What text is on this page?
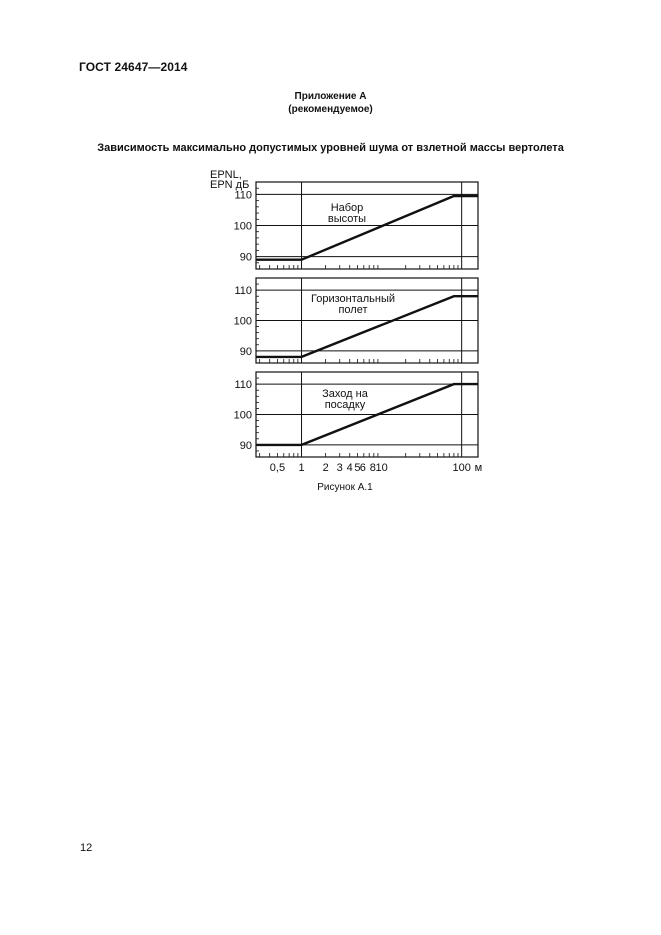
ГОСТ 24647—2014
Приложение А
(рекомендуемое)
Зависимость максимально допустимых уровней шума от взлетной массы вертолета
90
100
110
Набор
высоты
EPNL,
EPN дБ
90
100
110
Горизонтальный
полет
90
100
110
Заход на
посадку
0,5 1 2 3 4 5 6 8 10	100 м
Рисунок А.1
12
